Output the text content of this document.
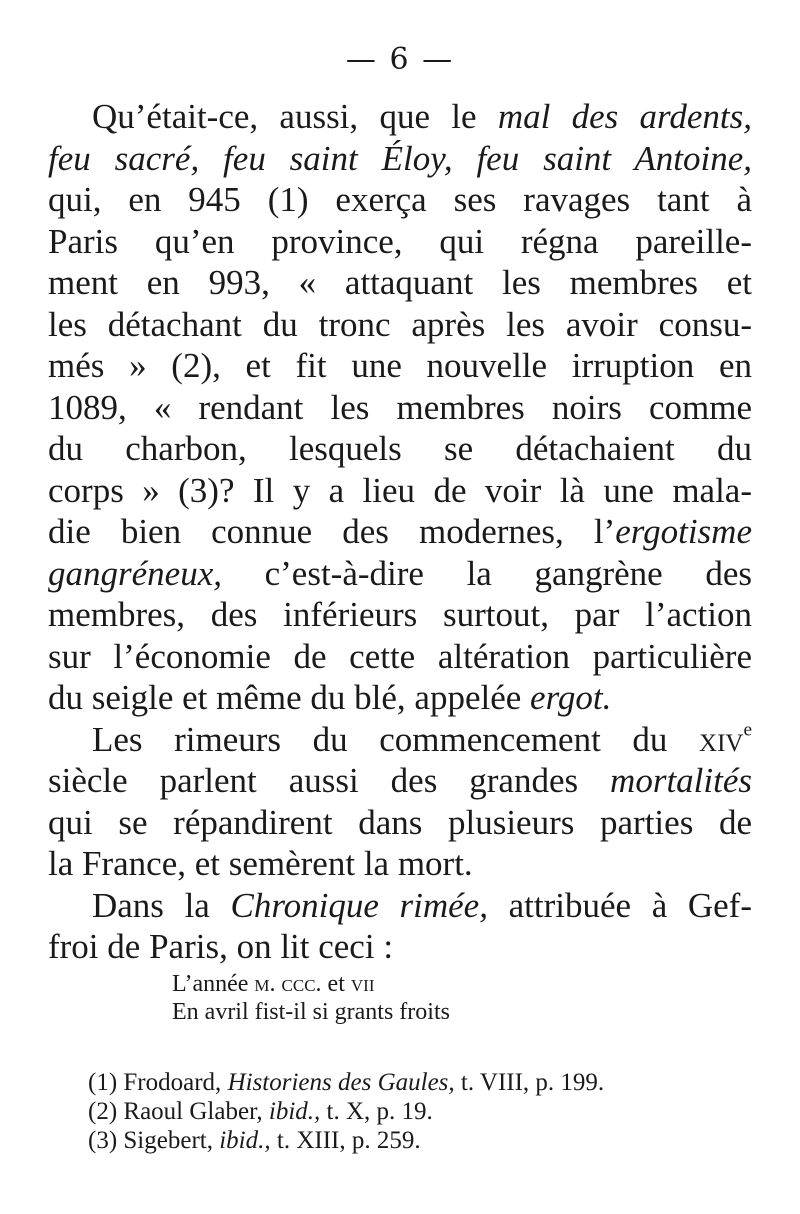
— 6 —
Qu’était-ce, aussi, que le mal des ardents,
feu sacré, feu saint Éloy, feu saint Antoine,
qui, en 945 (1) exerça ses ravages tant à
Paris qu’en province, qui régna pareille-
ment en 993, « attaquant les membres et
les détachant du tronc après les avoir consu-
més » (2), et fit une nouvelle irruption en
1089, « rendant les membres noirs comme
du charbon, lesquels se détachaient du
corps » (3)? Il y a lieu de voir là une mala-
die bien connue des modernes, l’ergotisme
gangréneux, c’est-à-dire la gangrène des
membres, des inférieurs surtout, par l’action
sur l’économie de cette altération particulière
du seigle et même du blé, appelée ergot.
Les rimeurs du commencement du xiv$^e$
siècle parlent aussi des grandes mortalités
qui se répandirent dans plusieurs parties de
la France, et semèrent la mort.
Dans la Chronique rimée, attribuée à Gef-
froi de Paris, on lit ceci :
L’année m. ccc. et vii
En avril fist-il si grants froits
(1) Frodoard, Historiens des Gaules, t. VIII, p. 199.
(2) Raoul Glaber, ibid., t. X, p. 19.
(3) Sigebert, ibid., t. XIII, p. 259.
